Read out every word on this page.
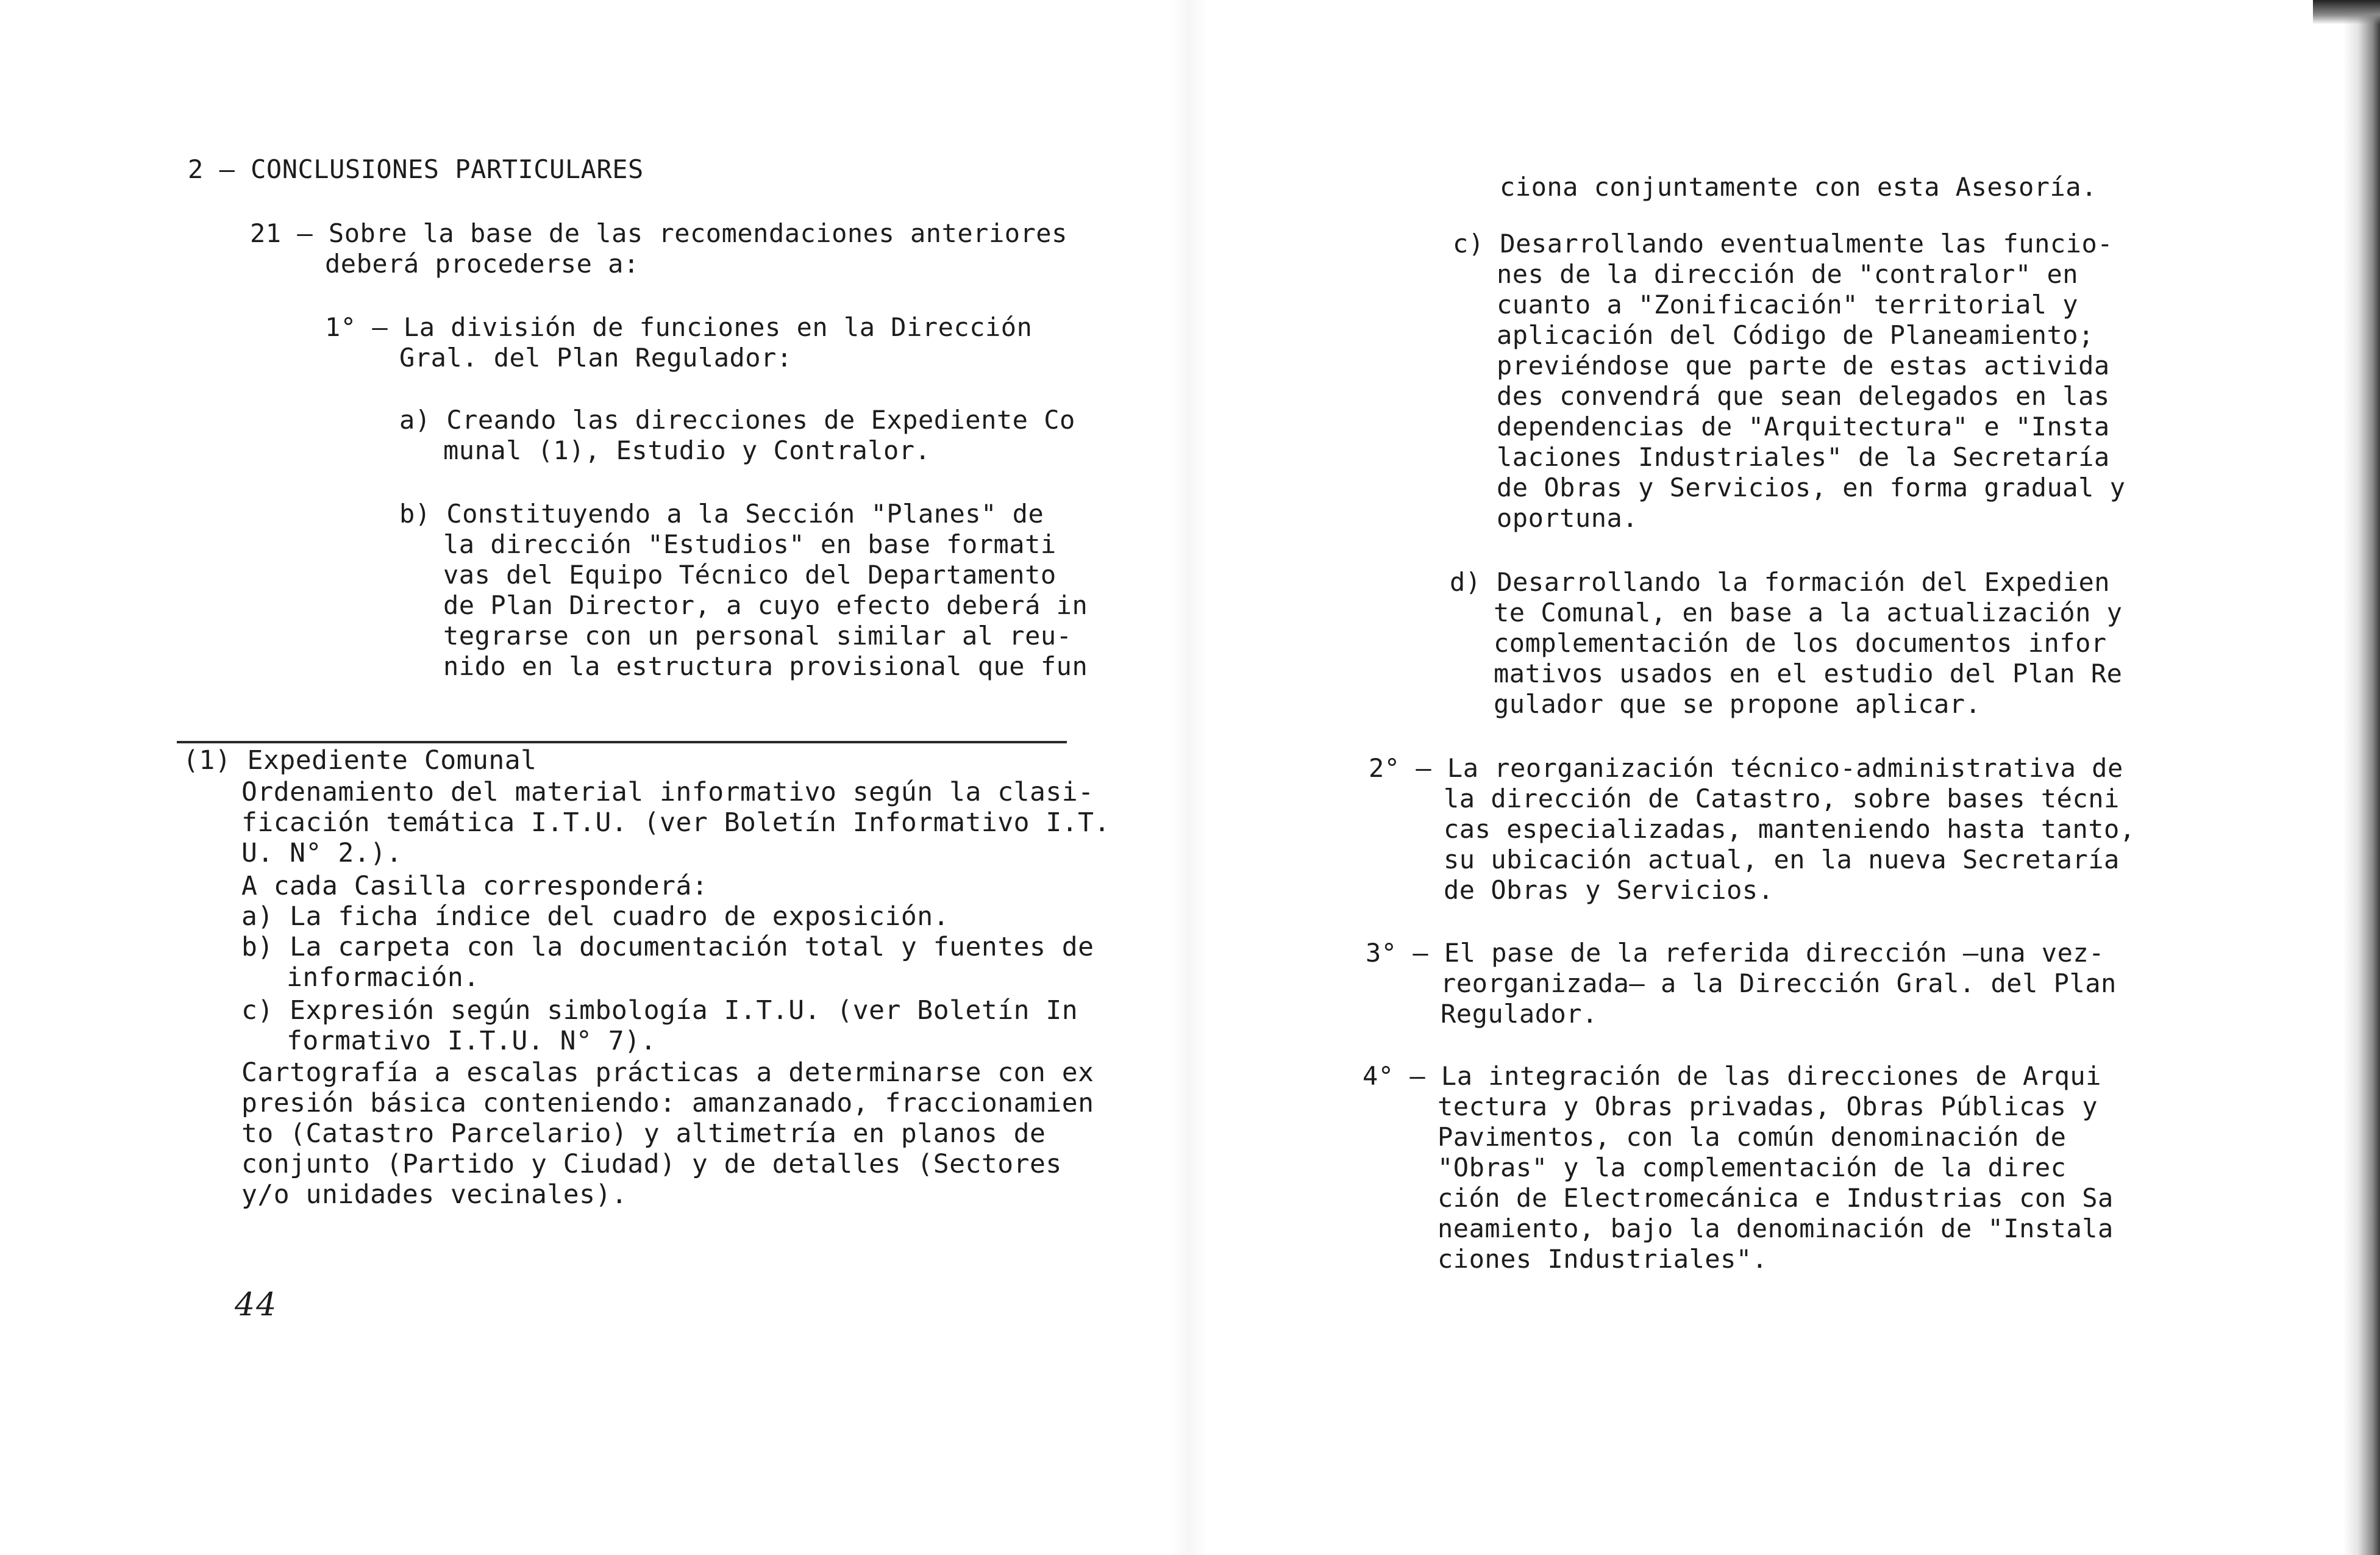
2 – CONCLUSIONES PARTICULARES
21 – Sobre la base de las recomendaciones anteriores
deberá procederse a:
1° – La división de funciones en la Dirección
Gral. del Plan Regulador:
a) Creando las direcciones de Expediente Co
munal (1), Estudio y Contralor.
b) Constituyendo a la Sección "Planes" de
la dirección "Estudios" en base formati
vas del Equipo Técnico del Departamento
de Plan Director, a cuyo efecto deberá in
tegrarse con un personal similar al reu-
nido en la estructura provisional que fun
(1) Expediente Comunal
Ordenamiento del material informativo según la clasi-
ficación temática I.T.U. (ver Boletín Informativo I.T.
U. N° 2.).
A cada Casilla corresponderá:
a) La ficha índice del cuadro de exposición.
b) La carpeta con la documentación total y fuentes de
información.
c) Expresión según simbología I.T.U. (ver Boletín In
formativo I.T.U. N° 7).
Cartografía a escalas prácticas a determinarse con ex
presión básica conteniendo: amanzanado, fraccionamien
to (Catastro Parcelario) y altimetría en planos de
conjunto (Partido y Ciudad) y de detalles (Sectores
y/o unidades vecinales).
44
ciona conjuntamente con esta Asesoría.
c) Desarrollando eventualmente las funcio-
nes de la dirección de "contralor" en
cuanto a "Zonificación" territorial y
aplicación del Código de Planeamiento;
previéndose que parte de estas activida
des convendrá que sean delegados en las
dependencias de "Arquitectura" e "Insta
laciones Industriales" de la Secretaría
de Obras y Servicios, en forma gradual y
oportuna.
d) Desarrollando la formación del Expedien
te Comunal, en base a la actualización y
complementación de los documentos infor
mativos usados en el estudio del Plan Re
gulador que se propone aplicar.
2° – La reorganización técnico-administrativa de
la dirección de Catastro, sobre bases técni
cas especializadas, manteniendo hasta tanto,
su ubicación actual, en la nueva Secretaría
de Obras y Servicios.
3° – El pase de la referida dirección –una vez-
reorganizada– a la Dirección Gral. del Plan
Regulador.
4° – La integración de las direcciones de Arqui
tectura y Obras privadas, Obras Públicas y
Pavimentos, con la común denominación de
"Obras" y la complementación de la direc
ción de Electromecánica e Industrias con Sa
neamiento, bajo la denominación de "Instala
ciones Industriales".
